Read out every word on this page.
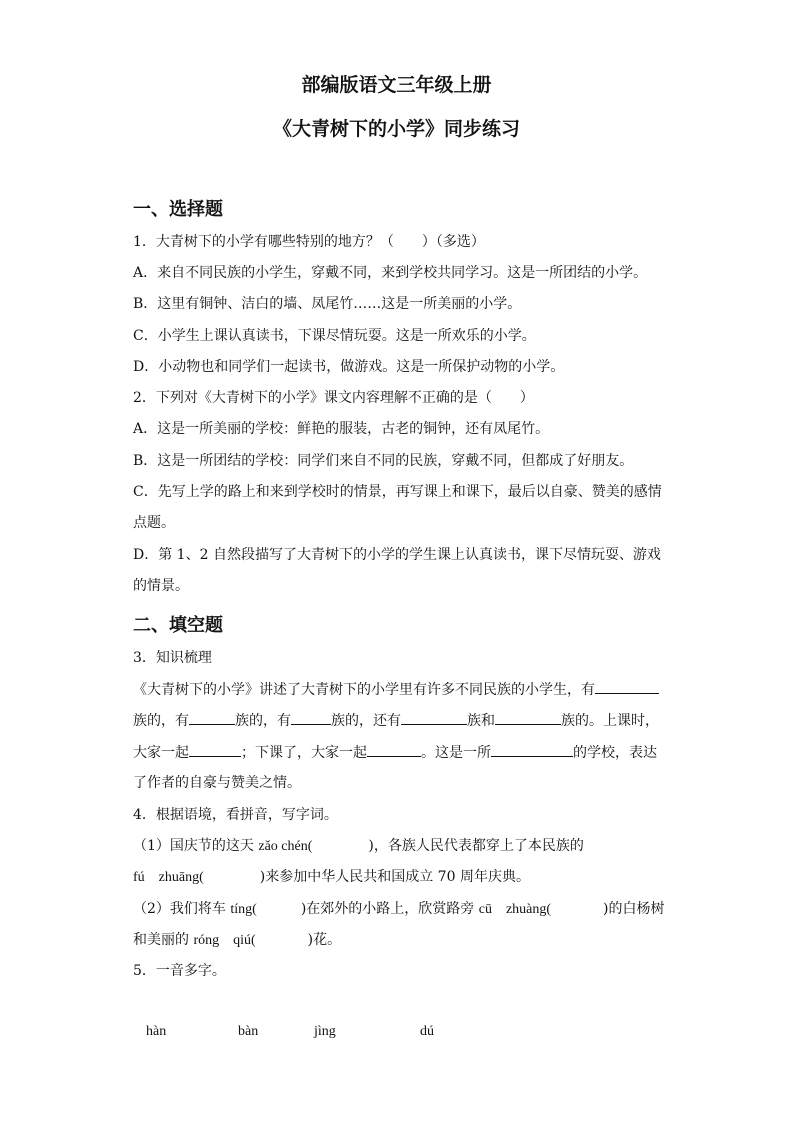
部编版语文三年级上册
《大青树下的小学》同步练习
一、选择题
1．大青树下的小学有哪些特别的地方？（　　）（多选）
A．来自不同民族的小学生，穿戴不同，来到学校共同学习。这是一所团结的小学。
B．这里有铜钟、洁白的墙、凤尾竹……这是一所美丽的小学。
C．小学生上课认真读书，下课尽情玩耍。这是一所欢乐的小学。
D．小动物也和同学们一起读书，做游戏。这是一所保护动物的小学。
2．下列对《大青树下的小学》课文内容理解不正确的是（　　）
A．这是一所美丽的学校：鲜艳的服装，古老的铜钟，还有凤尾竹。
B．这是一所团结的学校：同学们来自不同的民族，穿戴不同，但都成了好朋友。
C．先写上学的路上和来到学校时的情景，再写课上和课下，最后以自豪、赞美的感情
点题。
D．第 1、2 自然段描写了大青树下的小学的学生课上认真读书，课下尽情玩耍、游戏
的情景。
二、填空题
3．知识梳理
《大青树下的小学》讲述了大青树下的小学里有许多不同民族的小学生，有
族的，有	族的，有	族的，还有	族和	族的。上课时，
大家一起	；下课了，大家一起	。这是一所	的学校，表达
了作者的自豪与赞美之情。
4．根据语境，看拼音，写字词。
（1）国庆节的这天 zǎo chén(	)，各族人民代表都穿上了本民族的
fú　zhuāng(	)来参加中华人民共和国成立 70 周年庆典。
（2）我们将车 tíng(	)在郊外的小路上，欣赏路旁 cū　zhuàng(	)的白杨树
和美丽的 róng　qiú(	)花。
5．一音多字。
hàn	bàn	jìng	dú
